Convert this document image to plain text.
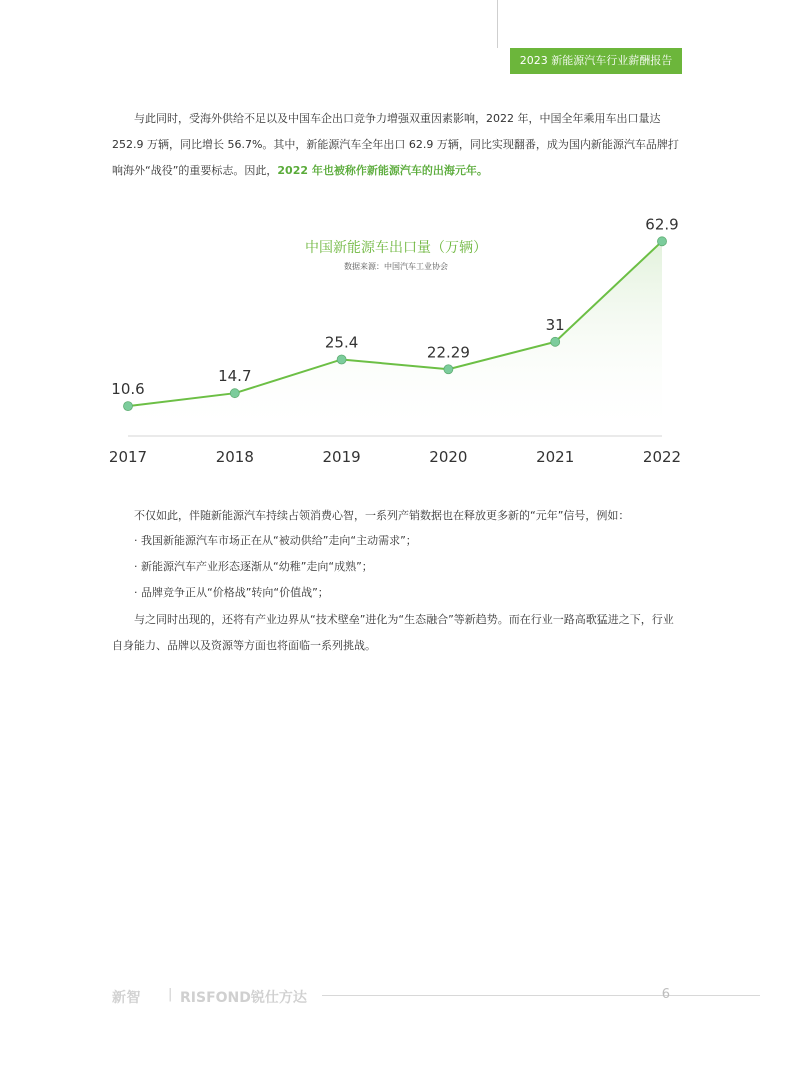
2023 新能源汽车行业薪酬报告

与此同时，受海外供给不足以及中国车企出口竞争力增强双重因素影响，2022 年，中国全年乘用车出口量达 252.9 万辆，同比增长 56.7%。其中，新能源汽车全年出口 62.9 万辆，同比实现翻番，成为国内新能源汽车品牌打响海外“战役”的重要标志。因此，2022 年也被称作新能源汽车的出海元年。

中国新能源车出口量（万辆）
数据来源：中国汽车工业协会
10.6
2017
14.7
2018
25.4
2019
22.29
2020
31
2021
62.9
2022

不仅如此，伴随新能源汽车持续占领消费心智，一系列产销数据也在释放更多新的“元年”信号，例如：

· 我国新能源汽车市场正在从“被动供给”走向“主动需求”；

· 新能源汽车产业形态逐渐从“幼稚”走向“成熟”；

· 品牌竞争正从“价格战”转向“价值战”；

与之同时出现的，还将有产业边界从“技术壁垒”进化为“生态融合”等新趋势。而在行业一路高歌猛进之下，行业自身能力、品牌以及资源等方面也将面临一系列挑战。

新智 | RISFOND锐仕方达	6
